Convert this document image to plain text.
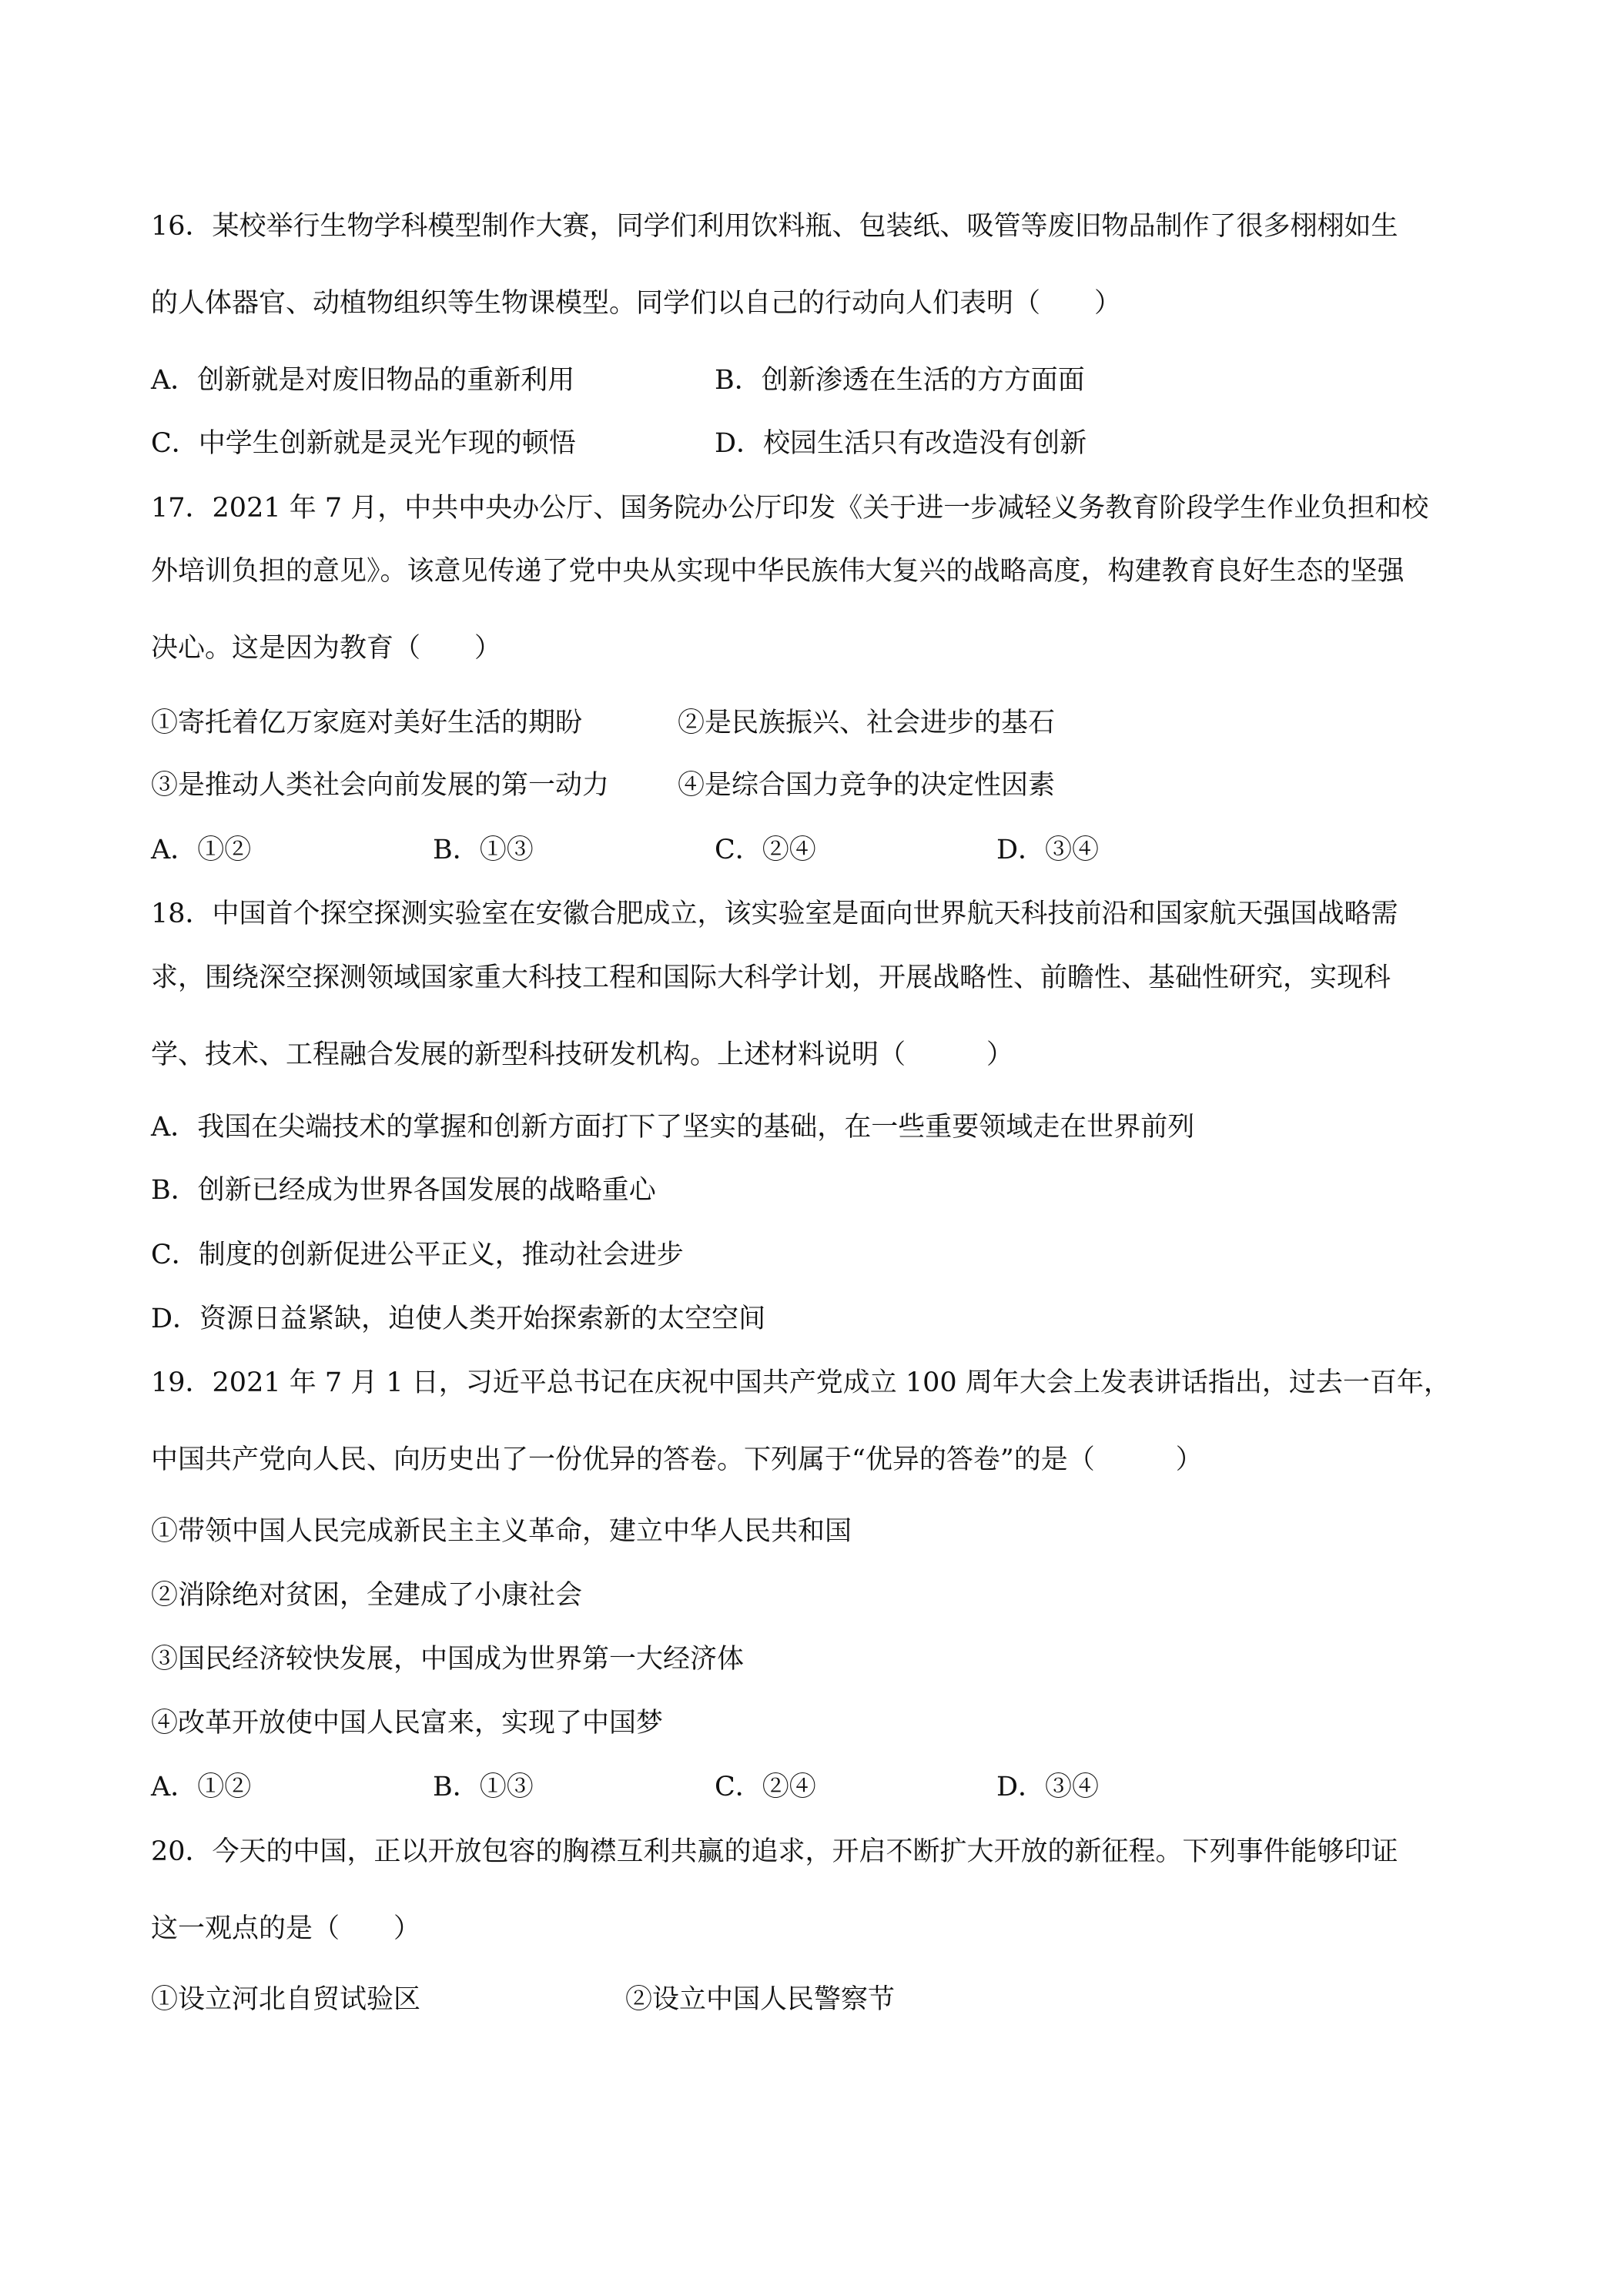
16．某校举行生物学科模型制作大赛，同学们利用饮料瓶、包装纸、吸管等废旧物品制作了很多栩栩如生
的人体器官、动植物组织等生物课模型。同学们以自己的行动向人们表明（　　）
A．创新就是对废旧物品的重新利用	B．创新渗透在生活的方方面面
C．中学生创新就是灵光乍现的顿悟	D．校园生活只有改造没有创新
17．2021 年 7 月，中共中央办公厅、国务院办公厅印发《关于进一步减轻义务教育阶段学生作业负担和校
外培训负担的意见》。该意见传递了党中央从实现中华民族伟大复兴的战略高度，构建教育良好生态的坚强
决心。这是因为教育（　　）
①寄托着亿万家庭对美好生活的期盼	②是民族振兴、社会进步的基石
③是推动人类社会向前发展的第一动力	④是综合国力竞争的决定性因素
A．①②	B．①③	C．②④	D．③④
18．中国首个探空探测实验室在安徽合肥成立，该实验室是面向世界航天科技前沿和国家航天强国战略需
求，围绕深空探测领域国家重大科技工程和国际大科学计划，开展战略性、前瞻性、基础性研究，实现科
学、技术、工程融合发展的新型科技研发机构。上述材料说明（　　　）
A．我国在尖端技术的掌握和创新方面打下了坚实的基础，在一些重要领域走在世界前列
B．创新已经成为世界各国发展的战略重心
C．制度的创新促进公平正义，推动社会进步
D．资源日益紧缺，迫使人类开始探索新的太空空间
19．2021 年 7 月 1 日，习近平总书记在庆祝中国共产党成立 100 周年大会上发表讲话指出，过去一百年，
中国共产党向人民、向历史出了一份优异的答卷。下列属于“优异的答卷”的是（　　　）
①带领中国人民完成新民主主义革命，建立中华人民共和国
②消除绝对贫困，全建成了小康社会
③国民经济较快发展，中国成为世界第一大经济体
④改革开放使中国人民富来，实现了中国梦
A．①②	B．①③	C．②④	D．③④
20．今天的中国，正以开放包容的胸襟互利共赢的追求，开启不断扩大开放的新征程。下列事件能够印证
这一观点的是（　　）
①设立河北自贸试验区	②设立中国人民警察节
